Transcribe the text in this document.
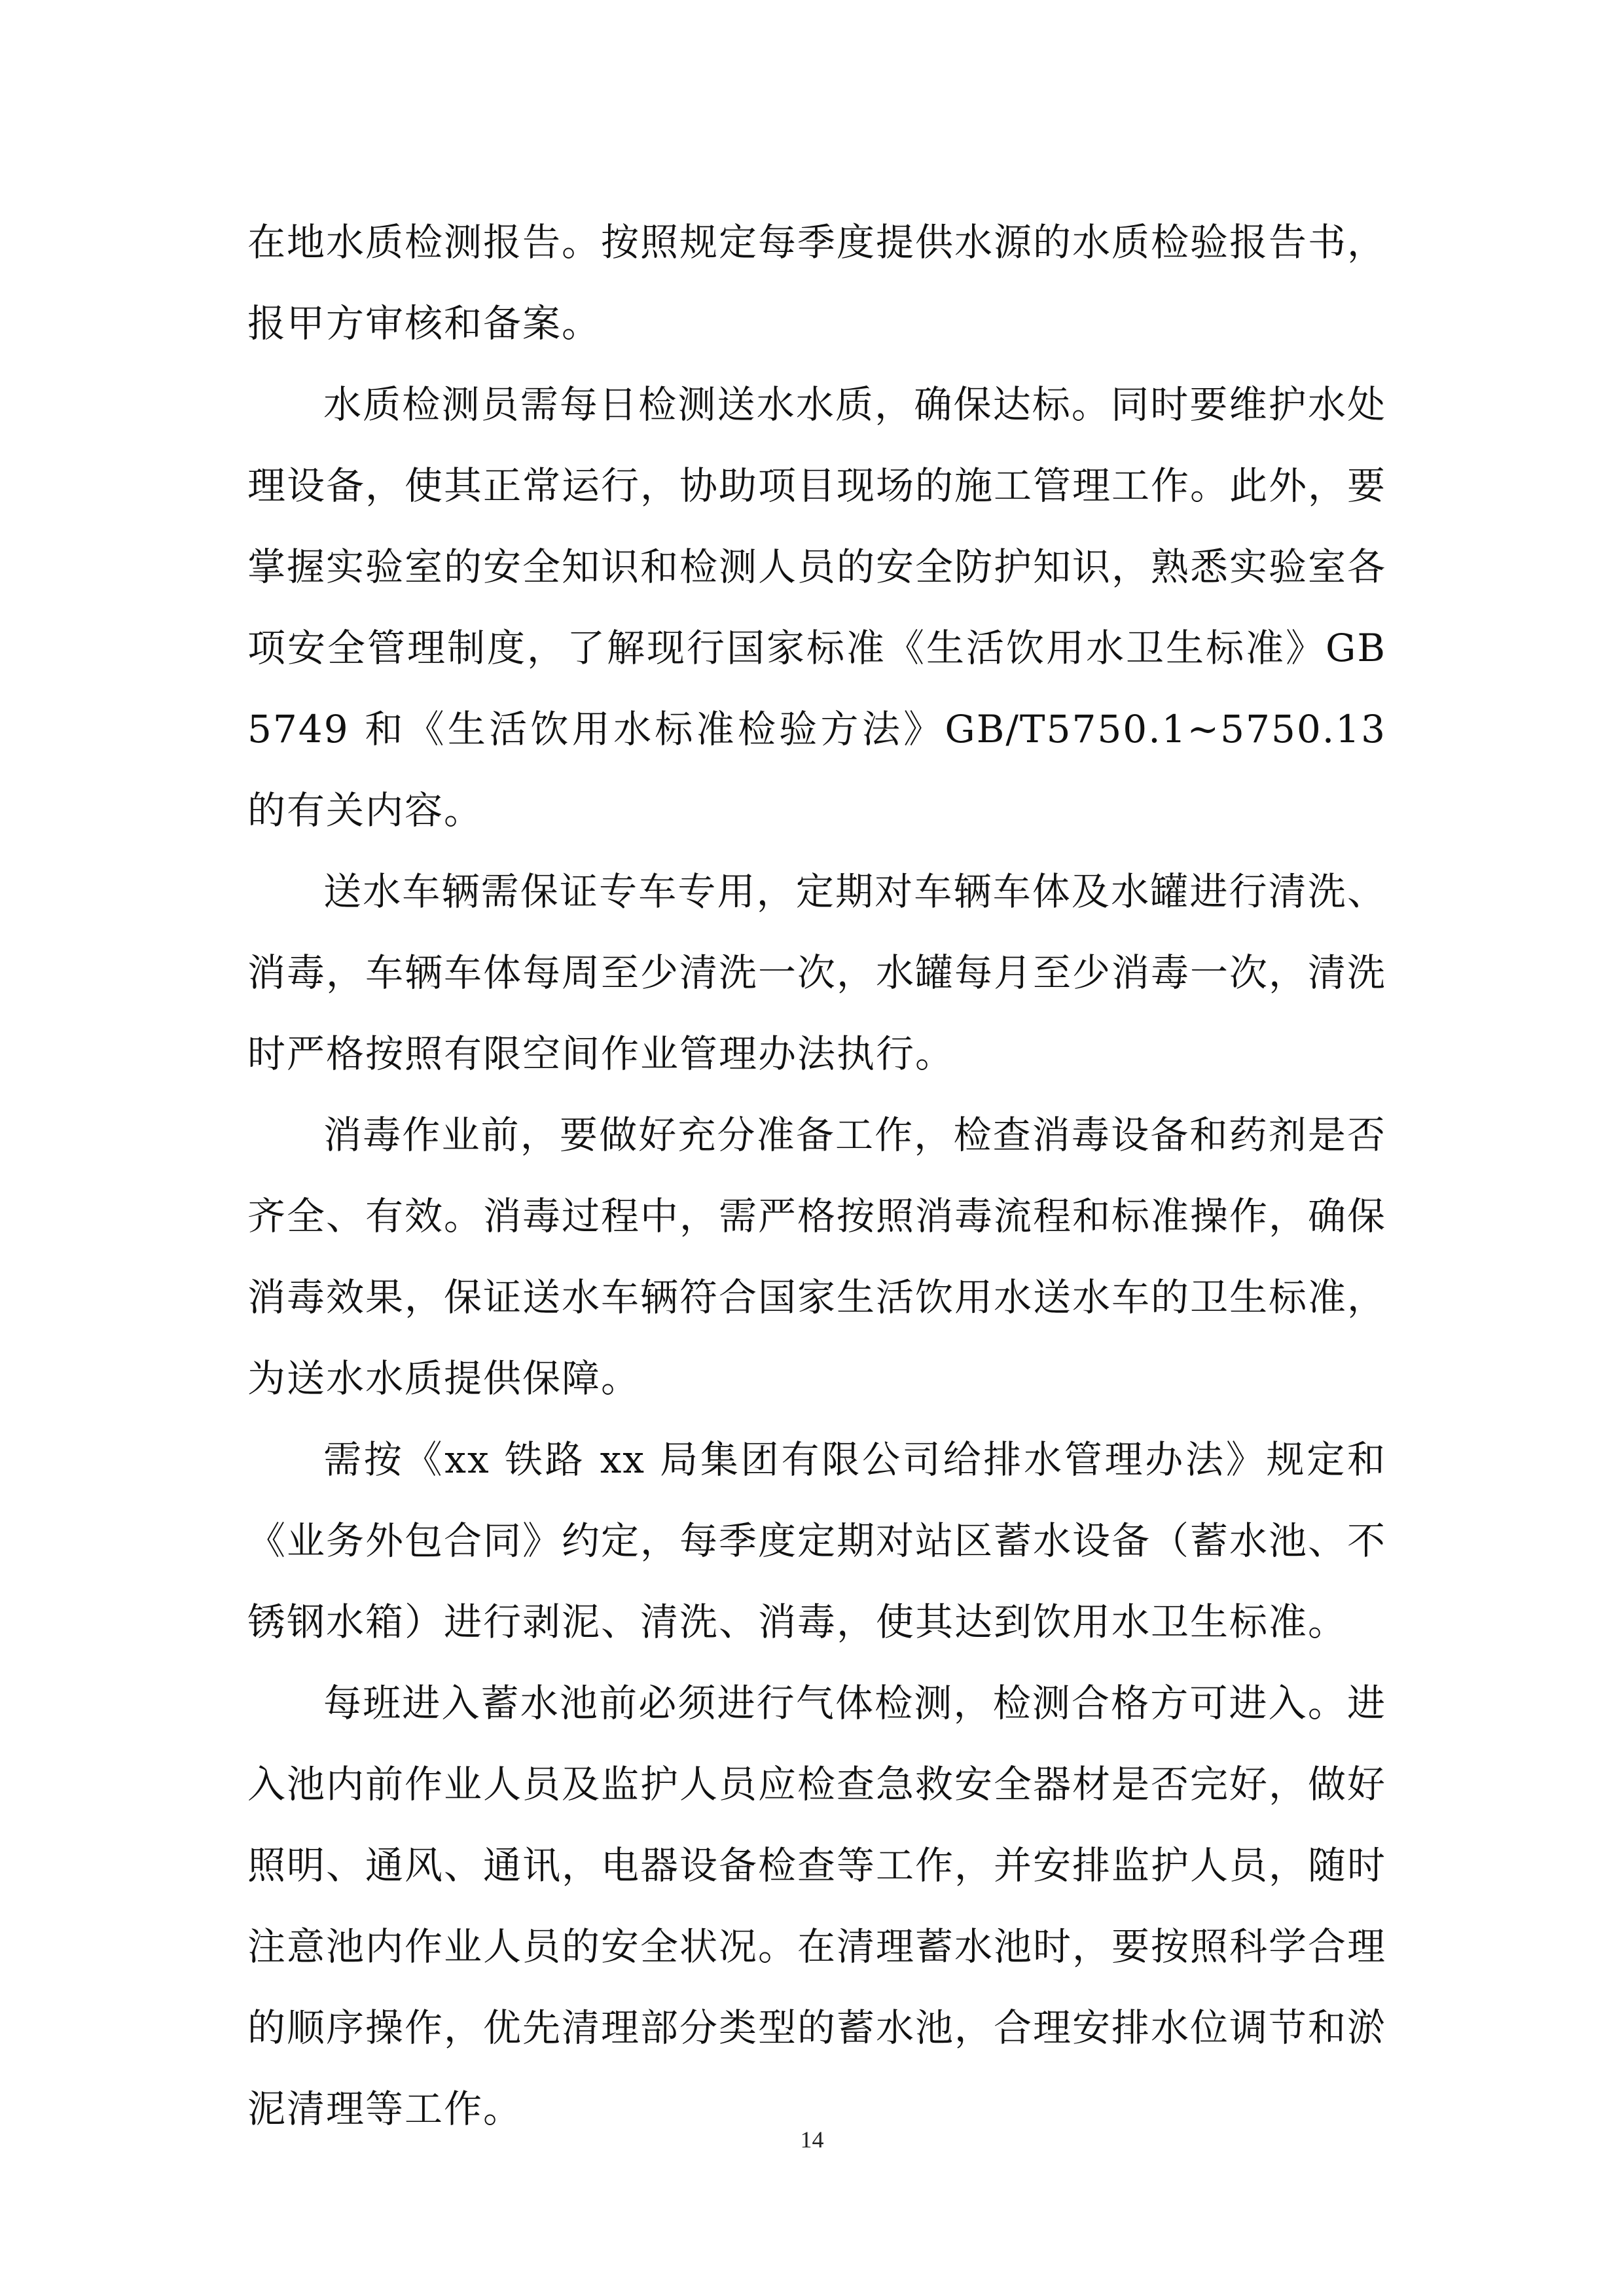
在地水质检测报告。按照规定每季度提供水源的水质检验报告书，报甲方审核和备案。

水质检测员需每日检测送水水质，确保达标。同时要维护水处理设备，使其正常运行，协助项目现场的施工管理工作。此外，要掌握实验室的安全知识和检测人员的安全防护知识，熟悉实验室各项安全管理制度，了解现行国家标准《生活饮用水卫生标准》GB5749 和《生活饮用水标准检验方法》GB/T5750.1~5750.13 的有关内容。

送水车辆需保证专车专用，定期对车辆车体及水罐进行清洗、消毒，车辆车体每周至少清洗一次，水罐每月至少消毒一次，清洗时严格按照有限空间作业管理办法执行。

消毒作业前，要做好充分准备工作，检查消毒设备和药剂是否齐全、有效。消毒过程中，需严格按照消毒流程和标准操作，确保消毒效果，保证送水车辆符合国家生活饮用水送水车的卫生标准，为送水水质提供保障。

需按《xx 铁路 xx 局集团有限公司给排水管理办法》规定和《业务外包合同》约定，每季度定期对站区蓄水设备（蓄水池、不锈钢水箱）进行剥泥、清洗、消毒，使其达到饮用水卫生标准。

每班进入蓄水池前必须进行气体检测，检测合格方可进入。进入池内前作业人员及监护人员应检查急救安全器材是否完好，做好照明、通风、通讯，电器设备检查等工作，并安排监护人员，随时注意池内作业人员的安全状况。在清理蓄水池时，要按照科学合理的顺序操作，优先清理部分类型的蓄水池，合理安排水位调节和淤泥清理等工作。

14
